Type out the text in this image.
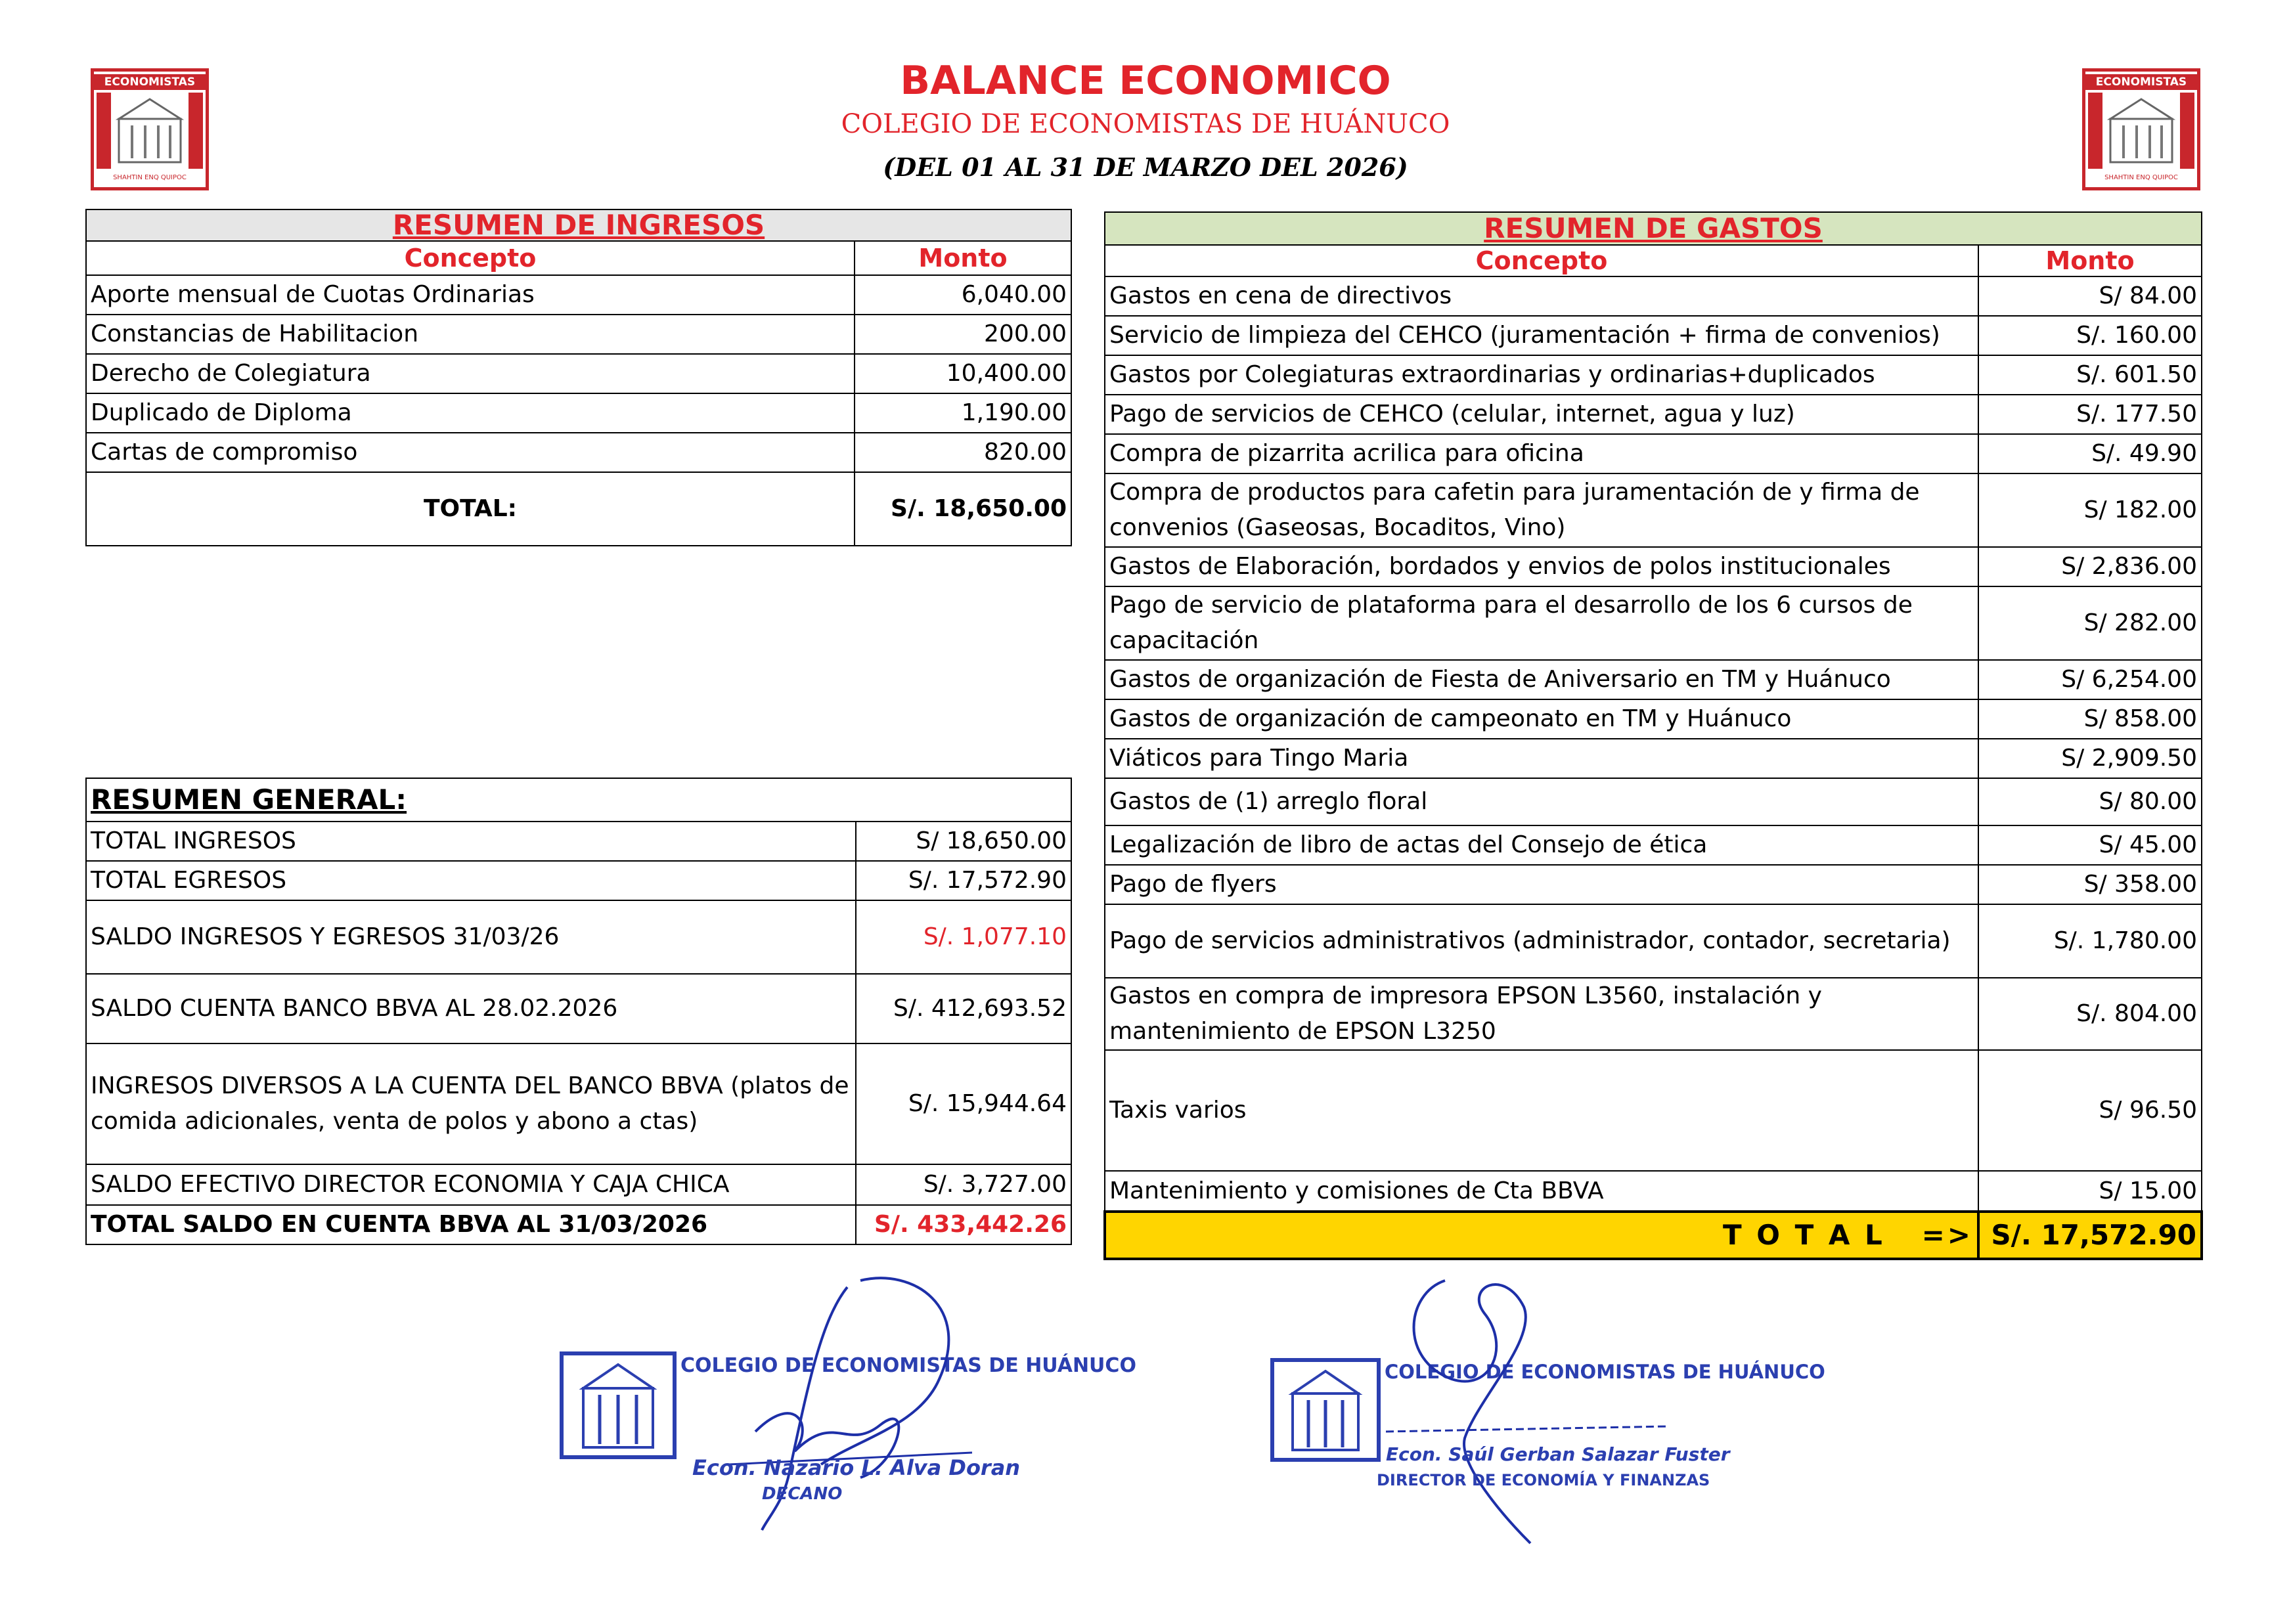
BALANCE ECONOMICO
COLEGIO DE ECONOMISTAS DE HUÁNUCO
(DEL 01 AL 31 DE MARZO DEL 2026)
ECONOMISTAS
SHAHTIN ENQ QUIPOC
ECONOMISTAS
SHAHTIN ENQ QUIPOC
RESUMEN DE INGRESOS	
Concepto	Monto
Aporte mensual de Cuotas Ordinarias	6,040.00
Constancias de Habilitacion	200.00
Derecho de Colegiatura	10,400.00
Duplicado de Diploma	1,190.00
Cartas de compromiso	820.00
TOTAL:	S/. 18,650.00
RESUMEN GENERAL:	
TOTAL INGRESOS	S/ 18,650.00
TOTAL EGRESOS	S/. 17,572.90
SALDO INGRESOS Y EGRESOS 31/03/26	S/. 1,077.10
SALDO CUENTA BANCO BBVA AL 28.02.2026	S/. 412,693.52
INGRESOS DIVERSOS A LA CUENTA DEL BANCO BBVA (platos de comida adicionales, venta de polos y abono a ctas)	S/. 15,944.64
SALDO EFECTIVO DIRECTOR ECONOMIA Y CAJA CHICA	S/. 3,727.00
TOTAL SALDO EN CUENTA BBVA AL 31/03/2026	S/. 433,442.26
RESUMEN DE GASTOS	
Concepto	Monto
Gastos en cena de directivos	S/ 84.00
Servicio de limpieza del CEHCO (juramentación + firma de convenios)	S/. 160.00
Gastos por Colegiaturas extraordinarias y ordinarias+duplicados	S/. 601.50
Pago de servicios de CEHCO (celular, internet, agua y luz)	S/. 177.50
Compra de pizarrita acrilica para oficina	S/. 49.90
Compra de productos para cafetin para juramentación de y firma de convenios (Gaseosas, Bocaditos, Vino)	S/ 182.00
Gastos de Elaboración, bordados y envios de polos institucionales	S/ 2,836.00
Pago de servicio de plataforma para el desarrollo de los 6 cursos de capacitación	S/ 282.00
Gastos de organización de Fiesta de Aniversario en TM y Huánuco	S/ 6,254.00
Gastos de organización de campeonato en TM y Huánuco	S/ 858.00
Viáticos para Tingo Maria	S/ 2,909.50
Gastos de (1) arreglo floral	S/ 80.00
Legalización de libro de actas del Consejo de ética	S/ 45.00
Pago de flyers	S/ 358.00
Pago de servicios administrativos (administrador, contador, secretaria)	S/. 1,780.00
Gastos en compra de impresora EPSON L3560, instalación y mantenimiento de EPSON L3250	S/. 804.00
Taxis varios	S/ 96.50
Mantenimiento y comisiones de Cta BBVA	S/ 15.00
T O T A L   =>	S/. 17,572.90
COLEGIO DE ECONOMISTAS DE HUÁNUCO
Econ. Nazario L. Alva Doran
DECANO
COLEGIO DE ECONOMISTAS DE HUÁNUCO
Econ. Saúl Gerban Salazar Fuster
DIRECTOR DE ECONOMÍA Y FINANZAS
